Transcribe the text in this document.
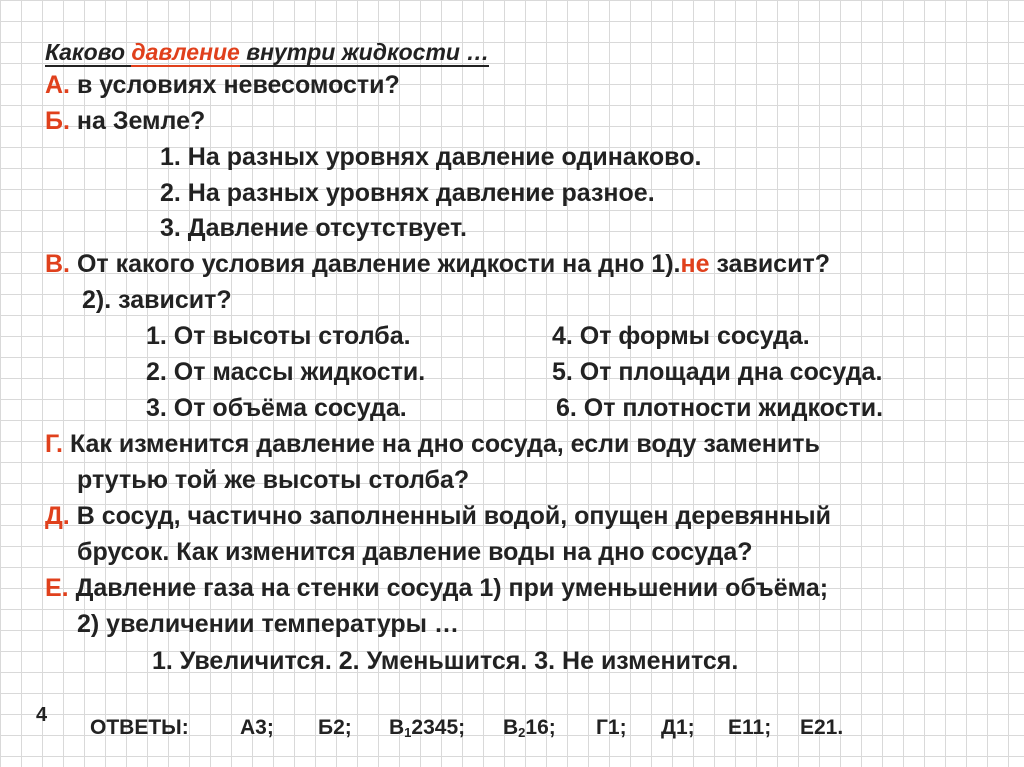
Каково давление внутри жидкости …
А. в условиях невесомости?
Б. на Земле?
1. На разных уровнях давление одинаково.
2. На разных уровнях давление разное.
3. Давление отсутствует.
В. От какого условия давление жидкости на дно 1).не зависит?
2). зависит?
1. От высоты столба.
2. От массы жидкости.
3. От объёма сосуда.
4. От формы сосуда.
5. От площади дна сосуда.
6. От плотности жидкости.
Г. Как изменится давление на дно сосуда, если воду заменить
ртутью той же высоты столба?
Д. В сосуд, частично заполненный водой, опущен деревянный
брусок. Как изменится давление воды на дно сосуда?
Е. Давление газа на стенки сосуда 1) при уменьшении объёма;
2) увеличении температуры …
1. Увеличится. 2. Уменьшится. 3. Не изменится.
4
ОТВЕТЫ: А3; Б2; $В_12345$; $В_216$; Г1; Д1; Е11; Е21.
